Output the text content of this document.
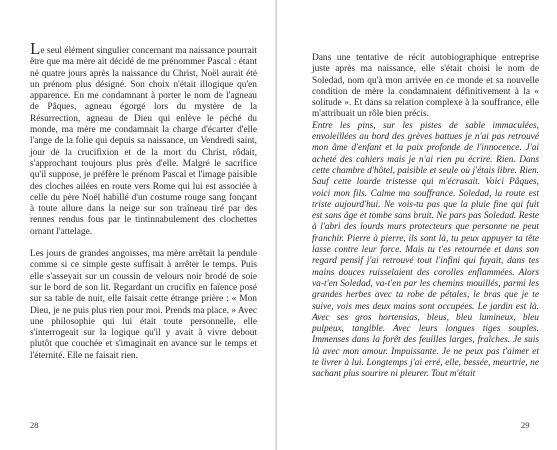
Le seul élément singulier concernant ma naissance pourrait être que ma mère ait décidé de me prénommer Pascal : étant né quatre jours après la naissance du Christ, Noël aurait été un prénom plus désigné. Son choix n'était illogique qu'en apparence. En me condamnant à porter le nom de l'agneau de Pâques, agneau égorgé lors du mystère de la Résurrection, agneau de Dieu qui enlève le péché du monde, ma mère me condamnait la charge d'écarter d'elle l'ange de la folie qui depuis sa naissance, un Vendredi saint, jour de la crucifixion et de la mort du Christ, rôdait, s'approchant toujours plus près d'elle. Malgré le sacrifice qu'il suppose, je préfère le prénom Pascal et l'image paisible des cloches ailées en route vers Rome qui lui est associée à celle du père Noël habillé d'un costume rouge sang fonçant à toute allure dans la neige sur son traîneau tiré par des rennes rendus fous par le tintinnabulement des clochettes ornant l'attelage.

Les jours de grandes angoisses, ma mère arrêtait la pendule comme si ce simple geste suffisait à arrêter le temps. Puis elle s'asseyait sur un coussin de velours noir brodé de soie sur le bord de son lit. Regardant un crucifix en faïence posé sur sa table de nuit, elle faisait cette étrange prière : « Mon Dieu, je ne puis plus rien pour moi. Prends ma place. » Avec une philosophie qui lui était toute personnelle, elle s'interrogeait sur la logique qu'il y avait à vivre debout plutôt que couchée et s'imaginait en avance sur le temps et l'éternité. Elle ne faisait rien.

28

Dans une tentative de récit autobiographique entreprise juste après ma naissance, elle s'était choisi le nom de Soledad, nom qu'à mon arrivée en ce monde et sa nouvelle condition de mère la condamnaient définitivement à la « solitude ». Et dans sa relation complexe à la souffrance, elle m'attribuait un rôle bien précis.

Entre les pins, sur les pistes de sable immaculées, envoleillées au bord des grèves battues je n'ai pas retrouvé mon âme d'enfant et la paix profonde de l'innocence. J'ai acheté des cahiers mais je n'ai rien pu écrire. Rien. Dans cette chambre d'hôtel, paisible et seule où j'étais libre. Rien. Sauf cette lourde tristesse qui m'écrasait. Voici Pâques, voici mon fils. Calme ma souffrance. Soledad, la route est triste aujourd'hui. Ne vois-tu pas que la pluie fine qui fuit est sans âge et tombe sans bruit. Ne pars pas Soledad. Reste à l'abri des lourds murs protecteurs que personne ne peut franchir. Pierre à pierre, ils sont là, tu peux appuyer ta tête lasse contre leur force. Mais tu t'es retournée et dans son regard pensif j'ai retrouvé tout l'infini qui fuyait, dans tes mains douces ruisselaient des corolles enflammées. Alors va-t'en Soledad, va-t'en par les chemins mouillés, parmi les grandes herbes avec ta robe de pétales, le bras que je te suive, vois mes deux mains sont occupées. Le jardin est là. Avec ses gros hortensias, bleus, bleu lumineux, bleu pulpeux, tangible. Avec leurs longues tiges souples. Immenses dans la forêt des feuilles larges, fraîches. Je suis là avec mon amour. Impuissante. Je ne peux pas t'aimer et te livrer à lui. Longtemps j'ai erré, elle, bessée, meurtrie, ne sachant plus sourire ni pleurer. Tout m'était

29
